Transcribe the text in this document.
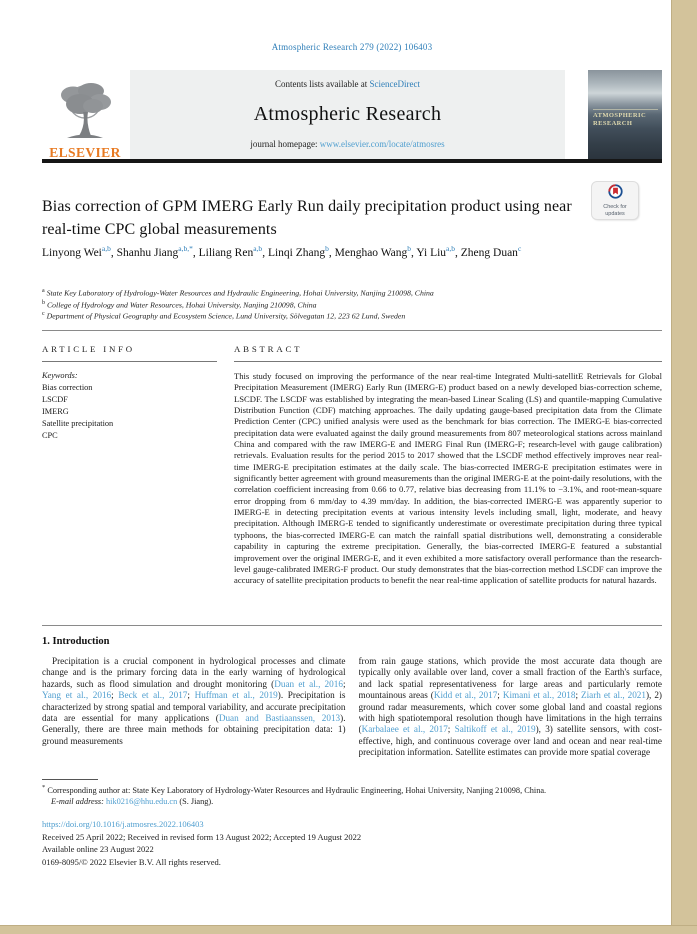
Atmospheric Research 279 (2022) 106403
ELSEVIER
Contents lists available at ScienceDirect
Atmospheric Research
journal homepage: www.elsevier.com/locate/atmosres
ATMOSPHERIC
RESEARCH
Bias correction of GPM IMERG Early Run daily precipitation product using near real-time CPC global measurements
Check for
updates
Linyong Wei$^{a,b}$, Shanhu Jiang$^{a,b,*}$, Liliang Ren$^{a,b}$, Linqi Zhang$^b$, Menghao Wang$^b$, Yi Liu$^{a,b}$, Zheng Duan$^c$
$^a$ State Key Laboratory of Hydrology-Water Resources and Hydraulic Engineering, Hohai University, Nanjing 210098, China
$^b$ College of Hydrology and Water Resources, Hohai University, Nanjing 210098, China
$^c$ Department of Physical Geography and Ecosystem Science, Lund University, Sölvegatan 12, 223 62 Lund, Sweden
ARTICLE INFO
Keywords:
Bias correction
LSCDF
IMERG
Satellite precipitation
CPC
ABSTRACT

This study focused on improving the performance of the near real-time Integrated Multi-satellitE Retrievals for Global Precipitation Measurement (IMERG) Early Run (IMERG-E) product based on a newly developed bias-correction scheme, LSCDF. The LSCDF was established by integrating the mean-based Linear Scaling (LS) and quantile-mapping Cumulative Distribution Function (CDF) matching approaches. The daily updating gauge-based precipitation data from the Climate Prediction Center (CPC) unified analysis were used as the benchmark for bias correction. The IMERG-E bias-corrected precipitation data were evaluated against the daily ground measurements from 807 meteorological stations across mainland China and compared with the raw IMERG-E and IMERG Final Run (IMERG-F; research-level with gauge calibration) retrievals. Evaluation results for the period 2015 to 2017 showed that the LSCDF method effectively improves near real-time IMERG-E precipitation estimates at the daily scale. The bias-corrected IMERG-E precipitation estimates were in significantly better agreement with ground measurements than the original IMERG-E at the point-daily resolutions, with the correlation coefficient increasing from 0.66 to 0.77, relative bias decreasing from 11.1% to −3.1%, and root-mean-square error dropping from 6 mm/day to 4.39 mm/day. In addition, the bias-corrected IMERG-E was apparently superior to IMERG-E in detecting precipitation events at various intensity levels including small, light, moderate, and heavy precipitation. Although IMERG-E tended to significantly underestimate or overestimate precipitation during three typical typhoons, the bias-corrected IMERG-E can match the rainfall spatial distributions well, demonstrating a considerable capability in capturing the extreme precipitation. Generally, the bias-corrected IMERG-E featured a substantial improvement over the original IMERG-E, and it even exhibited a more satisfactory overall performance than the research-level gauge-calibrated IMERG-F product. Our study demonstrates that the bias-correction method LSCDF can improve the accuracy of satellite precipitation products to benefit the near real-time application of satellite products for natural hazards.

1. Introduction

Precipitation is a crucial component in hydrological processes and climate change and is the primary forcing data in the early warning of hydrological hazards, such as flood simulation and drought monitoring (Duan et al., 2016; Yang et al., 2016; Beck et al., 2017; Huffman et al., 2019). Precipitation is characterized by strong spatial and temporal variability, and accurate precipitation data are essential for many applications (Duan and Bastiaanssen, 2013). Generally, there are three main methods for obtaining precipitation data: 1) ground measurements

from rain gauge stations, which provide the most accurate data though are typically only available over land, cover a small fraction of the Earth's surface, and lack spatial representativeness for large areas and particularly remote mountainous areas (Kidd et al., 2017; Kimani et al., 2018; Ziarh et al., 2021), 2) ground radar measurements, which cover some global land and coastal regions with high spatiotemporal resolution though have limitations in the high terrains (Karbalaee et al., 2017; Saltikoff et al., 2019), 3) satellite sensors, with cost-effective, high, and continuous coverage over land and ocean and near real-time precipitation information. Satellite estimates can provide more spatial coverage

* Corresponding author at: State Key Laboratory of Hydrology-Water Resources and Hydraulic Engineering, Hohai University, Nanjing 210098, China.
E-mail address: hik0216@hhu.edu.cn (S. Jiang).
https://doi.org/10.1016/j.atmosres.2022.106403
Received 25 April 2022; Received in revised form 13 August 2022; Accepted 19 August 2022
Available online 23 August 2022
0169-8095/© 2022 Elsevier B.V. All rights reserved.
